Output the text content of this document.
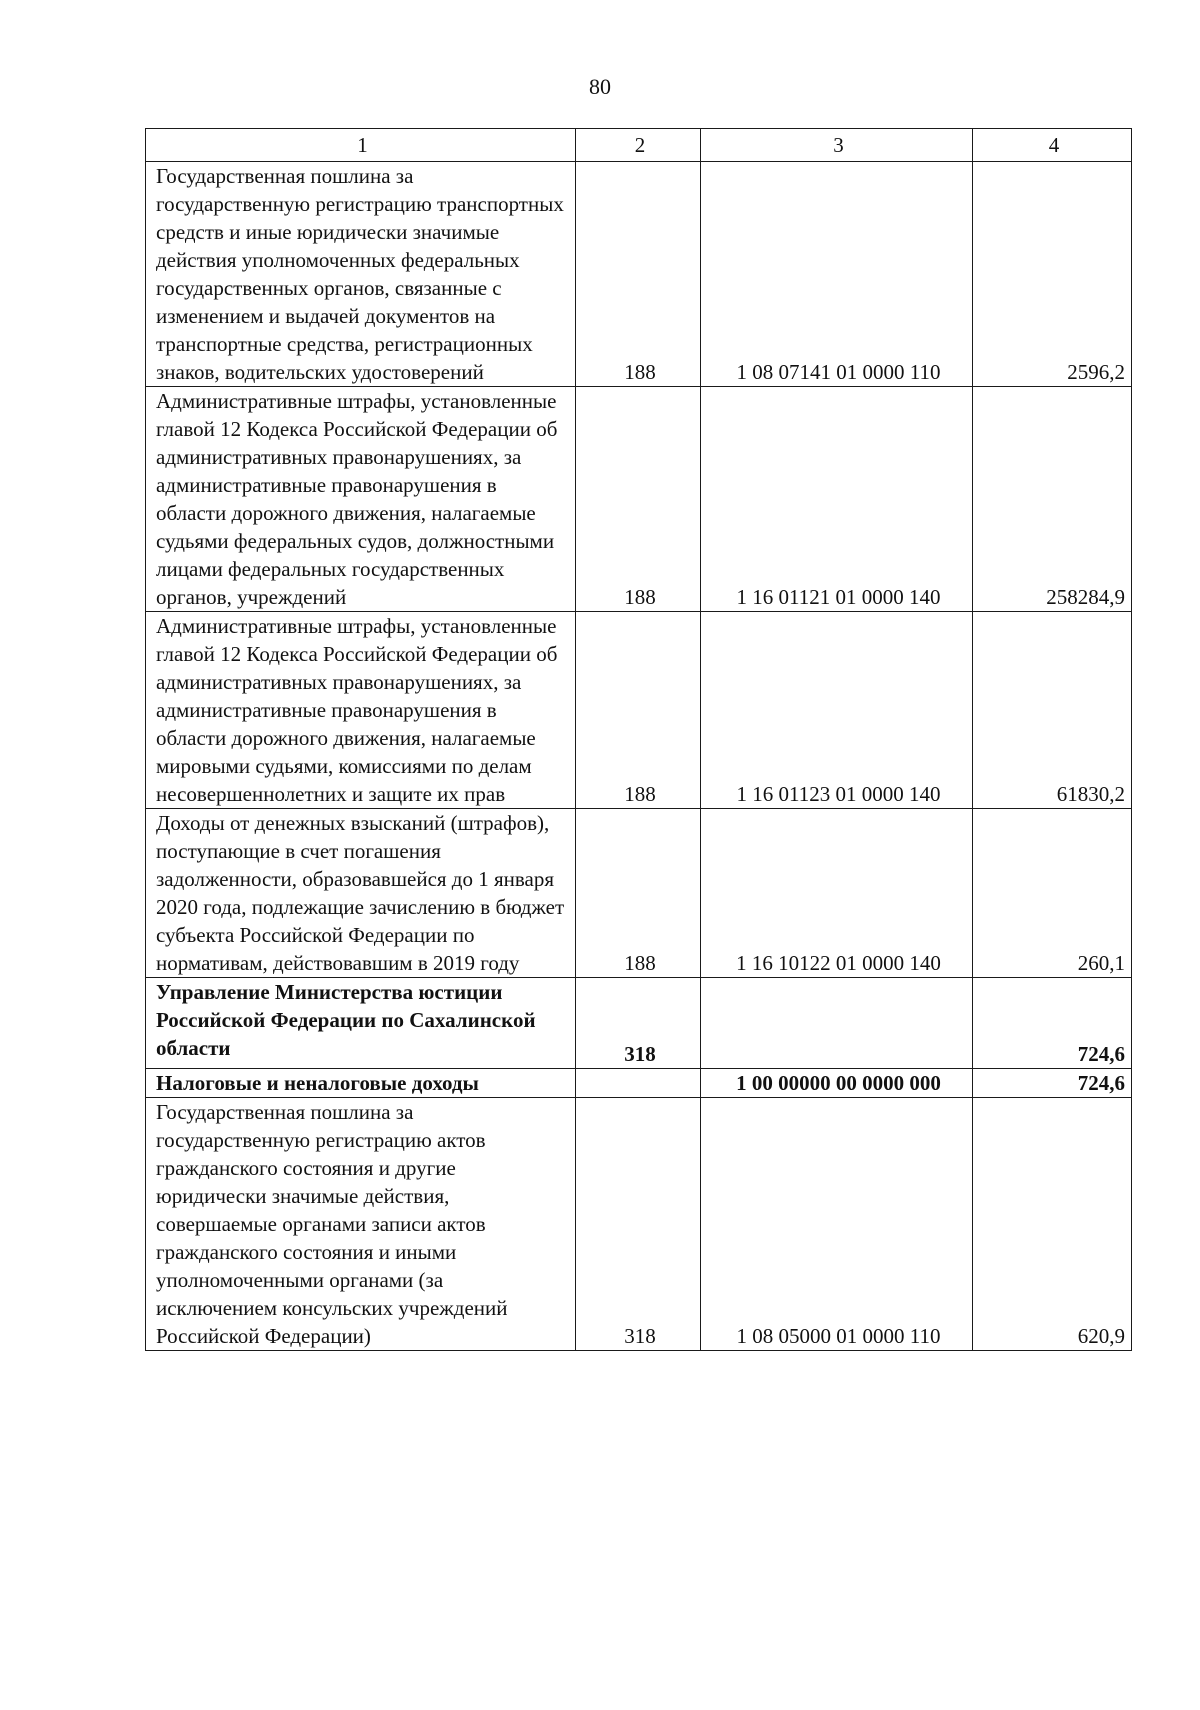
80
1	2	3	4
Государственная пошлина за государственную регистрацию транспортных средств и иные юридически значимые действия уполномоченных федеральных государственных органов, связанные с изменением и выдачей документов на транспортные средства, регистрационных знаков, водительских удостоверений	188	1 08 07141 01 0000 110	2596,2
Административные штрафы, установленные главой 12 Кодекса Российской Федерации об административных правонарушениях, за административные правонарушения в области дорожного движения, налагаемые судьями федеральных судов, должностными лицами федеральных государственных органов, учреждений	188	1 16 01121 01 0000 140	258284,9
Административные штрафы, установленные главой 12 Кодекса Российской Федерации об административных правонарушениях, за административные правонарушения в области дорожного движения, налагаемые мировыми судьями, комиссиями по делам несовершеннолетних и защите их прав	188	1 16 01123 01 0000 140	61830,2
Доходы от денежных взысканий (штрафов), поступающие в счет погашения задолженности, образовавшейся до 1 января 2020 года, подлежащие зачислению в бюджет субъекта Российской Федерации по нормативам, действовавшим в 2019 году	188	1 16 10122 01 0000 140	260,1
Управление Министерства юстиции Российской Федерации по Сахалинской области	318		724,6
Налоговые и неналоговые доходы		1 00 00000 00 0000 000	724,6
Государственная пошлина за государственную регистрацию актов гражданского состояния и другие юридически значимые действия, совершаемые органами записи актов гражданского состояния и иными уполномоченными органами (за исключением консульских учреждений Российской Федерации)	318	1 08 05000 01 0000 110	620,9
